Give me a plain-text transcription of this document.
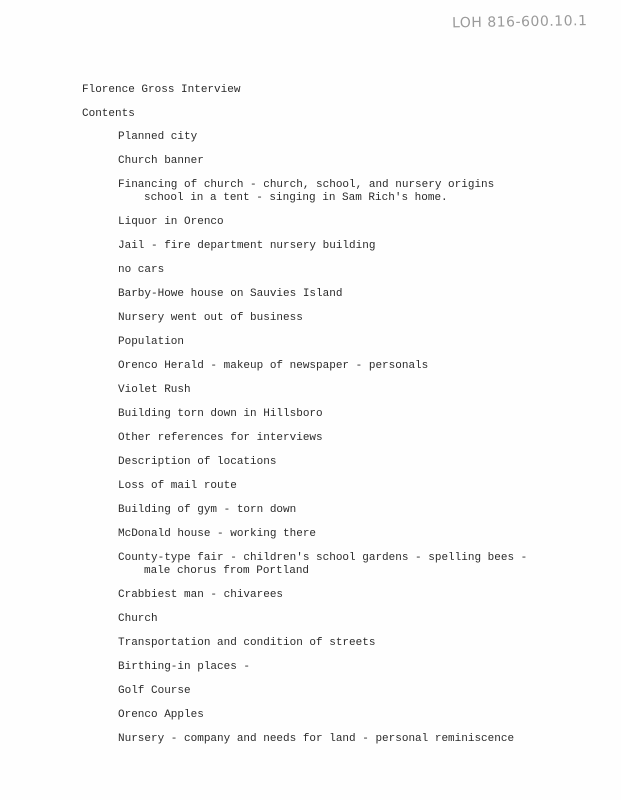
LOH 816-600.10.1
Florence Gross Interview
Contents
Planned city
Church banner
Financing of church - church, school, and nursery origins
school in a tent - singing in Sam Rich's home.
Liquor in Orenco
Jail - fire department nursery building
no cars
Barby-Howe house on Sauvies Island
Nursery went out of business
Population
Orenco Herald - makeup of newspaper - personals
Violet Rush
Building torn down in Hillsboro
Other references for interviews
Description of locations
Loss of mail route
Building of gym - torn down
McDonald house - working there
County-type fair - children's school gardens - spelling bees -
male chorus from Portland
Crabbiest man - chivarees
Church
Transportation and condition of streets
Birthing-in places -
Golf Course
Orenco Apples
Nursery - company and needs for land - personal reminiscence
